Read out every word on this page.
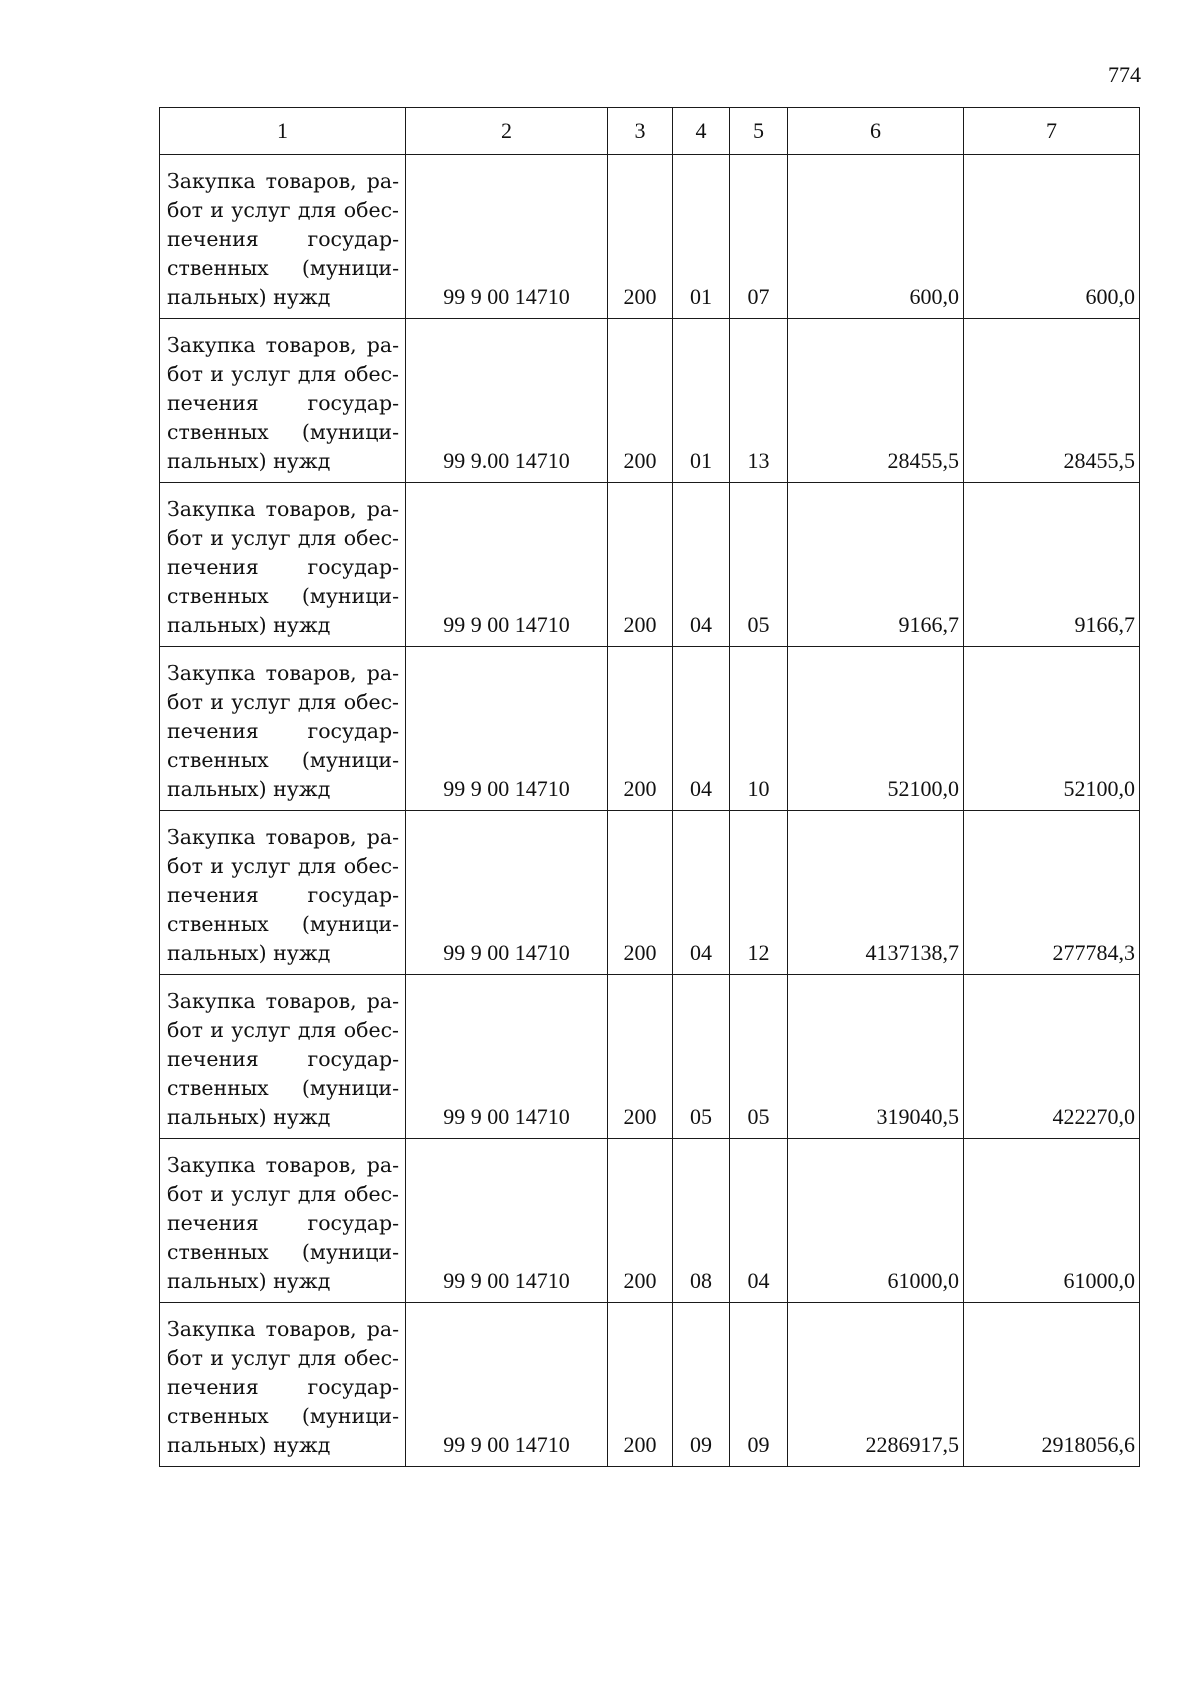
774
1	2	3	4	5	6	7

Закупка товаров, ра-
бот и услуг для обес-
печения государ-
ственных (муници-
пальных) нужд	99 9 00 14710	200	01	07	600,0	600,0

Закупка товаров, ра-
бот и услуг для обес-
печения государ-
ственных (муници-
пальных) нужд	99 9.00 14710	200	01	13	28455,5	28455,5

Закупка товаров, ра-
бот и услуг для обес-
печения государ-
ственных (муници-
пальных) нужд	99 9 00 14710	200	04	05	9166,7	9166,7

Закупка товаров, ра-
бот и услуг для обес-
печения государ-
ственных (муници-
пальных) нужд	99 9 00 14710	200	04	10	52100,0	52100,0

Закупка товаров, ра-
бот и услуг для обес-
печения государ-
ственных (муници-
пальных) нужд	99 9 00 14710	200	04	12	4137138,7	277784,3

Закупка товаров, ра-
бот и услуг для обес-
печения государ-
ственных (муници-
пальных) нужд	99 9 00 14710	200	05	05	319040,5	422270,0

Закупка товаров, ра-
бот и услуг для обес-
печения государ-
ственных (муници-
пальных) нужд	99 9 00 14710	200	08	04	61000,0	61000,0

Закупка товаров, ра-
бот и услуг для обес-
печения государ-
ственных (муници-
пальных) нужд	99 9 00 14710	200	09	09	2286917,5	2918056,6
